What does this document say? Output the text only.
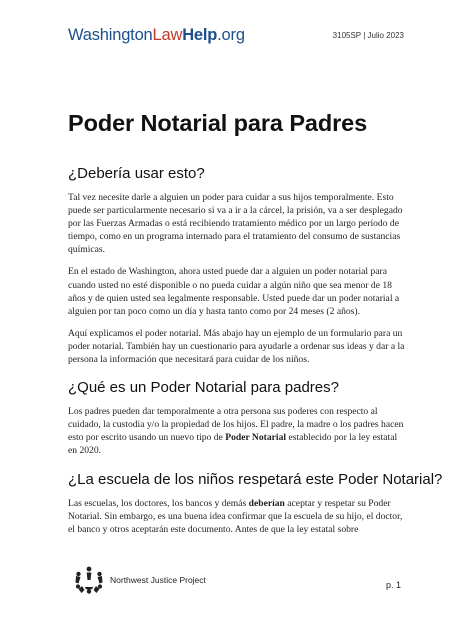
WashingtonLawHelp.org	3105SP | Julio 2023
Poder Notarial para Padres
¿Debería usar esto?

Tal vez necesite darle a alguien un poder para cuidar a sus hijos temporalmente. Esto puede ser particularmente necesario si va a ir a la cárcel, la prisión, va a ser desplegado por las Fuerzas Armadas o está recibiendo tratamiento médico por un largo período de tiempo, como en un programa internado para el tratamiento del consumo de sustancias químicas.

En el estado de Washington, ahora usted puede dar a alguien un poder notarial para cuando usted no esté disponible o no pueda cuidar a algún niño que sea menor de 18 años y de quien usted sea legalmente responsable. Usted puede dar un poder notarial a alguien por tan poco como un día y hasta tanto como por 24 meses (2 años).

Aquí explicamos el poder notarial. Más abajo hay un ejemplo de un formulario para un poder notarial. También hay un cuestionario para ayudarle a ordenar sus ideas y dar a la persona la información que necesitará para cuidar de los niños.

¿Qué es un Poder Notarial para padres?

Los padres pueden dar temporalmente a otra persona sus poderes con respecto al cuidado, la custodia y/o la propiedad de los hijos. El padre, la madre o los padres hacen esto por escrito usando un nuevo tipo de Poder Notarial establecido por la ley estatal en 2020.

¿La escuela de los niños respetará este Poder Notarial?

Las escuelas, los doctores, los bancos y demás deberían aceptar y respetar su Poder Notarial. Sin embargo, es una buena idea confirmar que la escuela de su hijo, el doctor, el banco y otros aceptarán este documento. Antes de que la ley estatal sobre

Northwest Justice Project	p. 1
